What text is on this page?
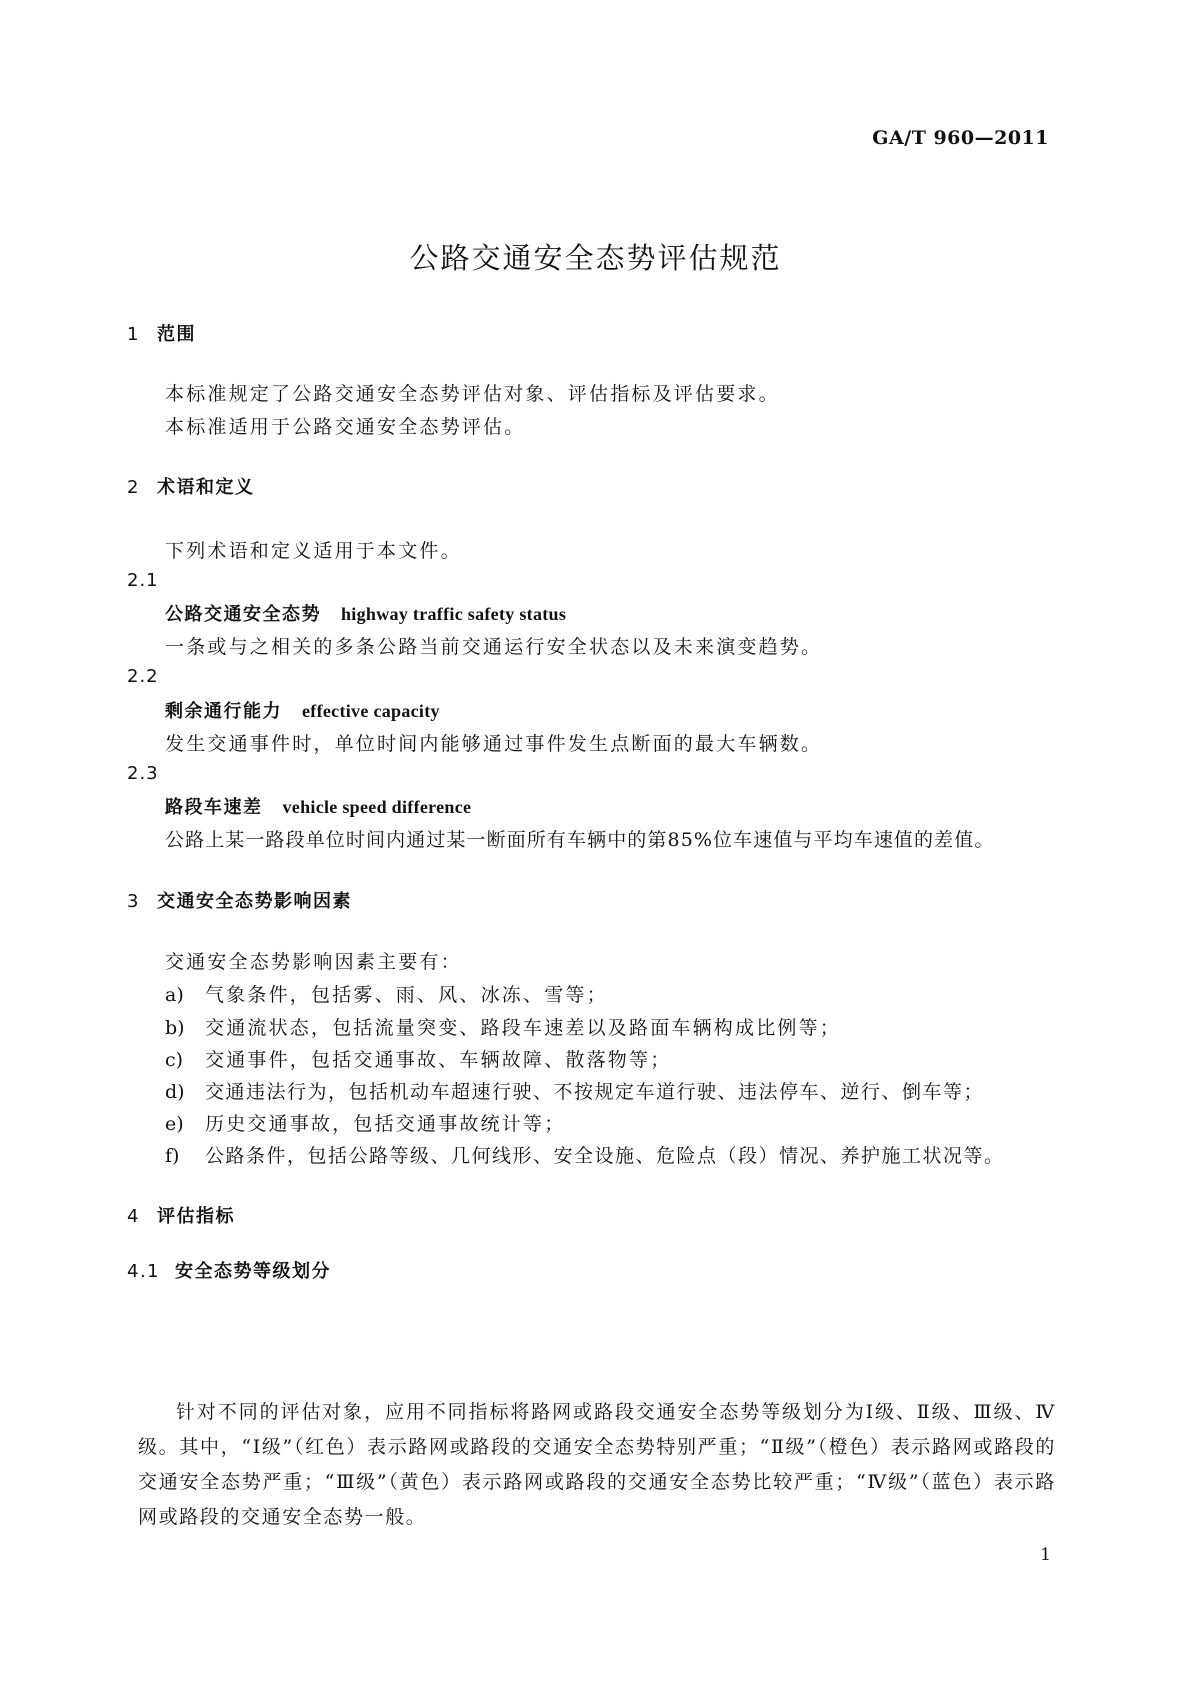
GA/T 960—2011
公路交通安全态势评估规范
1 范围
本标准规定了公路交通安全态势评估对象、评估指标及评估要求。
本标准适用于公路交通安全态势评估。
2 术语和定义
下列术语和定义适用于本文件。
2.1
公路交通安全态势 highway traffic safety status
一条或与之相关的多条公路当前交通运行安全状态以及未来演变趋势。
2.2
剩余通行能力 effective capacity
发生交通事件时，单位时间内能够通过事件发生点断面的最大车辆数。
2.3
路段车速差 vehicle speed difference
公路上某一路段单位时间内通过某一断面所有车辆中的第85%位车速值与平均车速值的差值。
3 交通安全态势影响因素
交通安全态势影响因素主要有：
a) 气象条件，包括雾、雨、风、冰冻、雪等；
b) 交通流状态，包括流量突变、路段车速差以及路面车辆构成比例等；
c) 交通事件，包括交通事故、车辆故障、散落物等；
d) 交通违法行为，包括机动车超速行驶、不按规定车道行驶、违法停车、逆行、倒车等；
e) 历史交通事故，包括交通事故统计等；
f) 公路条件，包括公路等级、几何线形、安全设施、危险点（段）情况、养护施工状况等。
4 评估指标
4.1 安全态势等级划分
针对不同的评估对象，应用不同指标将路网或路段交通安全态势等级划分为Ⅰ级、Ⅱ级、Ⅲ级、Ⅳ级。其中，“Ⅰ级”（红色）表示路网或路段的交通安全态势特别严重；“Ⅱ级”（橙色）表示路网或路段的交通安全态势严重；“Ⅲ级”（黄色）表示路网或路段的交通安全态势比较严重；“Ⅳ级”（蓝色）表示路网或路段的交通安全态势一般。
1
